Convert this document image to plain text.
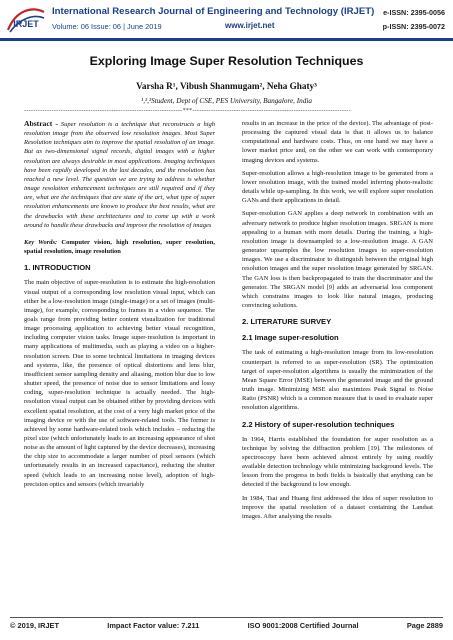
IRJET
International Research Journal of Engineering and Technology (IRJET)
Volume: 06 Issue: 06 | June 2019	www.irjet.net
e-ISSN: 2395-0056
p-ISSN: 2395-0072
Exploring Image Super Resolution Techniques
Varsha R¹, Vibush Shanmugam², Neha Ghaty³
¹,²,³Student, Dept of CSE, PES University, Bangalore, India
---------------------------------------------------------------------***---------------------------------------------------------------------

Abstract - Super resolution is a technique that reconstructs a high resolution image from the observed low resolution images. Most Super Resolution techniques aim to improve the spatial resolution of an image. But as two-dimensional signal records, digital images with a higher resolution are always desirable in most applications. Imaging techniques have been rapidly developed in the last decades, and the resolution has reached a new level. The question we are trying to address is whether image resolution enhancement techniques are still required and if they are, what are the techniques that are state of the art, what type of super resolution enhancements are known to produce the best results, what are the drawbacks with these architectures and to come up with a work around to handle these drawbacks and improve the resolution of images

Key Words: Computer vision, high resolution, super resolution, spatial resolution, image resolution

1. INTRODUCTION

The main objective of super-resolution is to estimate the high-resolution visual output of a corresponding low resolution visual input, which can either be a low-resolution image (single-image) or a set of images (multi-image), for example, corresponding to frames in a video sequence. The goals range from providing better content visualization for traditional image processing application to achieving better visual recognition, including computer vision tasks. Image super-resolution is important in many applications of multimedia, such as playing a video on a higher-resolution screen. Due to some technical limitations in imaging devices and systems, like, the presence of optical distortions and lens blur, insufficient sensor sampling density and aliasing, motion blur due to low shutter speed, the presence of noise due to sensor limitations and lossy coding, super-resolution technique is actually needed. The high-resolution visual output can be obtained either by providing devices with excellent spatial resolution, at the cost of a very high market price of the imaging device or with the use of software-related tools. The former is achieved by some hardware-related tools which includes – reducing the pixel size (which unfortunately leads to an increasing appearance of shot noise as the amount of light captured by the device decreases), increasing the chip size to accommodate a larger number of pixel sensors (which unfortunately results in an increased capacitance), reducing the shutter speed (which leads to an increasing noise level), adoption of high-precision optics and sensors (which invariably

results in an increase in the price of the device). The advantage of post-processing the captured visual data is that it allows us to balance computational and hardware costs. Thus, on one hand we may have a lower market price and, on the other we can work with contemporary imaging devices and systems.

Super-resolution allows a high-resolution image to be generated from a lower resolution image, with the trained model inferring photo-realistic details while up-sampling. In this work, we will explore super resolution GANs and their applications in detail.

Super-resolution GAN applies a deep network in combination with an adversary network to produce higher resolution images. SRGAN is more appealing to a human with more details. During the training, a high-resolution image is downsampled to a low-resolution image. A GAN generator upsamples the low resolution images to super-resolution images. We use a discriminator to distinguish between the original high resolution images and the super resolution image generated by SRGAN. The GAN loss is then backpropagated to train the discriminator and the generator. The SRGAN model [9] adds an adversarial loss component which constrains images to look like natural images, producing convincing solutions.

2. LITERATURE SURVEY
2.1 Image super-resolution

The task of estimating a high-resolution image from its low-resolution counterpart is referred to as super-resolution (SR). The optimization target of super-resolution algorithms is usually the minimization of the Mean Square Error (MSE) between the generated image and the ground truth image. Minimizing MSE also maximizes Peak Signal to Noise Ratio (PSNR) which is a common measure that is used to evaluate super resolution algorithms.

2.2 History of super-resolution techniques

In 1964, Harris established the foundation for super resolution as a technique by solving the diffraction problem [19]. The milestones of spectroscopy have been achieved almost entirely by using readily available detection technology while minimizing background levels. The lesson from the progress in both fields is basically that anything can be detected if the background is low enough.

In 1984, Tsai and Huang first addressed the idea of super resolution to improve the spatial resolution of a dataset containing the Landsat images. After analysing the results

© 2019, IRJET	Impact Factor value: 7.211	ISO 9001:2008 Certified Journal	Page 2889
